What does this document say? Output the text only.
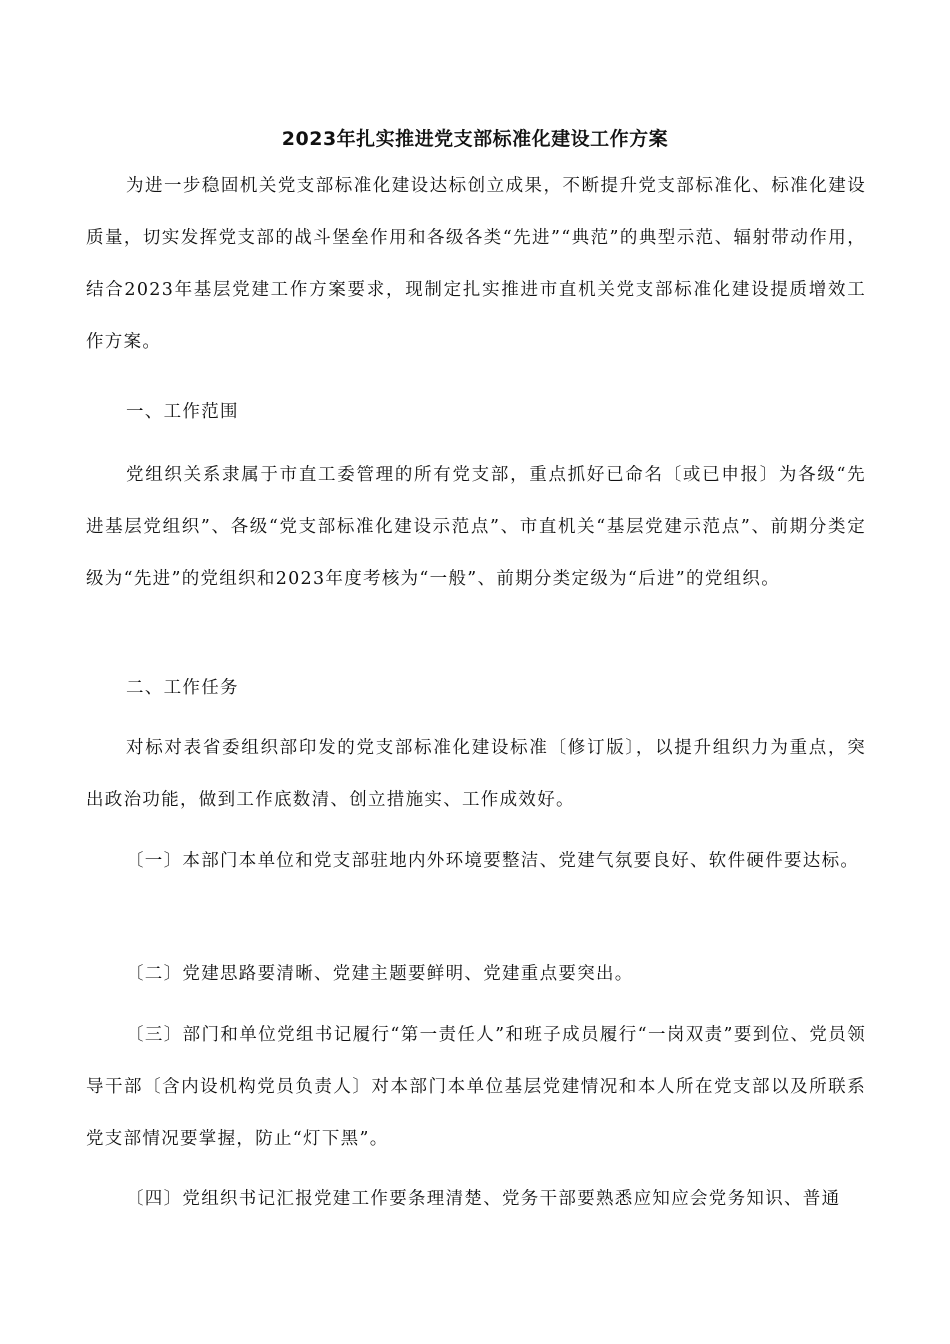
2023年扎实推进党支部标准化建设工作方案

为进一步稳固机关党支部标准化建设达标创立成果，不断提升党支部标准化、标准化建设质量，切实发挥党支部的战斗堡垒作用和各级各类“先进”“典范”的典型示范、辐射带动作用，结合2023年基层党建工作方案要求，现制定扎实推进市直机关党支部标准化建设提质增效工作方案。

一、工作范围

党组织关系隶属于市直工委管理的所有党支部，重点抓好已命名〔或已申报〕为各级“先进基层党组织”、各级“党支部标准化建设示范点”、市直机关“基层党建示范点”、前期分类定级为“先进”的党组织和2023年度考核为“一般”、前期分类定级为“后进”的党组织。

二、工作任务

对标对表省委组织部印发的党支部标准化建设标准〔修订版〕，以提升组织力为重点，突出政治功能，做到工作底数清、创立措施实、工作成效好。

〔一〕本部门本单位和党支部驻地内外环境要整洁、党建气氛要良好、软件硬件要达标。

〔二〕党建思路要清晰、党建主题要鲜明、党建重点要突出。

〔三〕部门和单位党组书记履行“第一责任人”和班子成员履行“一岗双责”要到位、党员领导干部〔含内设机构党员负责人〕对本部门本单位基层党建情况和本人所在党支部以及所联系党支部情况要掌握，防止“灯下黑”。

〔四〕党组织书记汇报党建工作要条理清楚、党务干部要熟悉应知应会党务知识、普通
